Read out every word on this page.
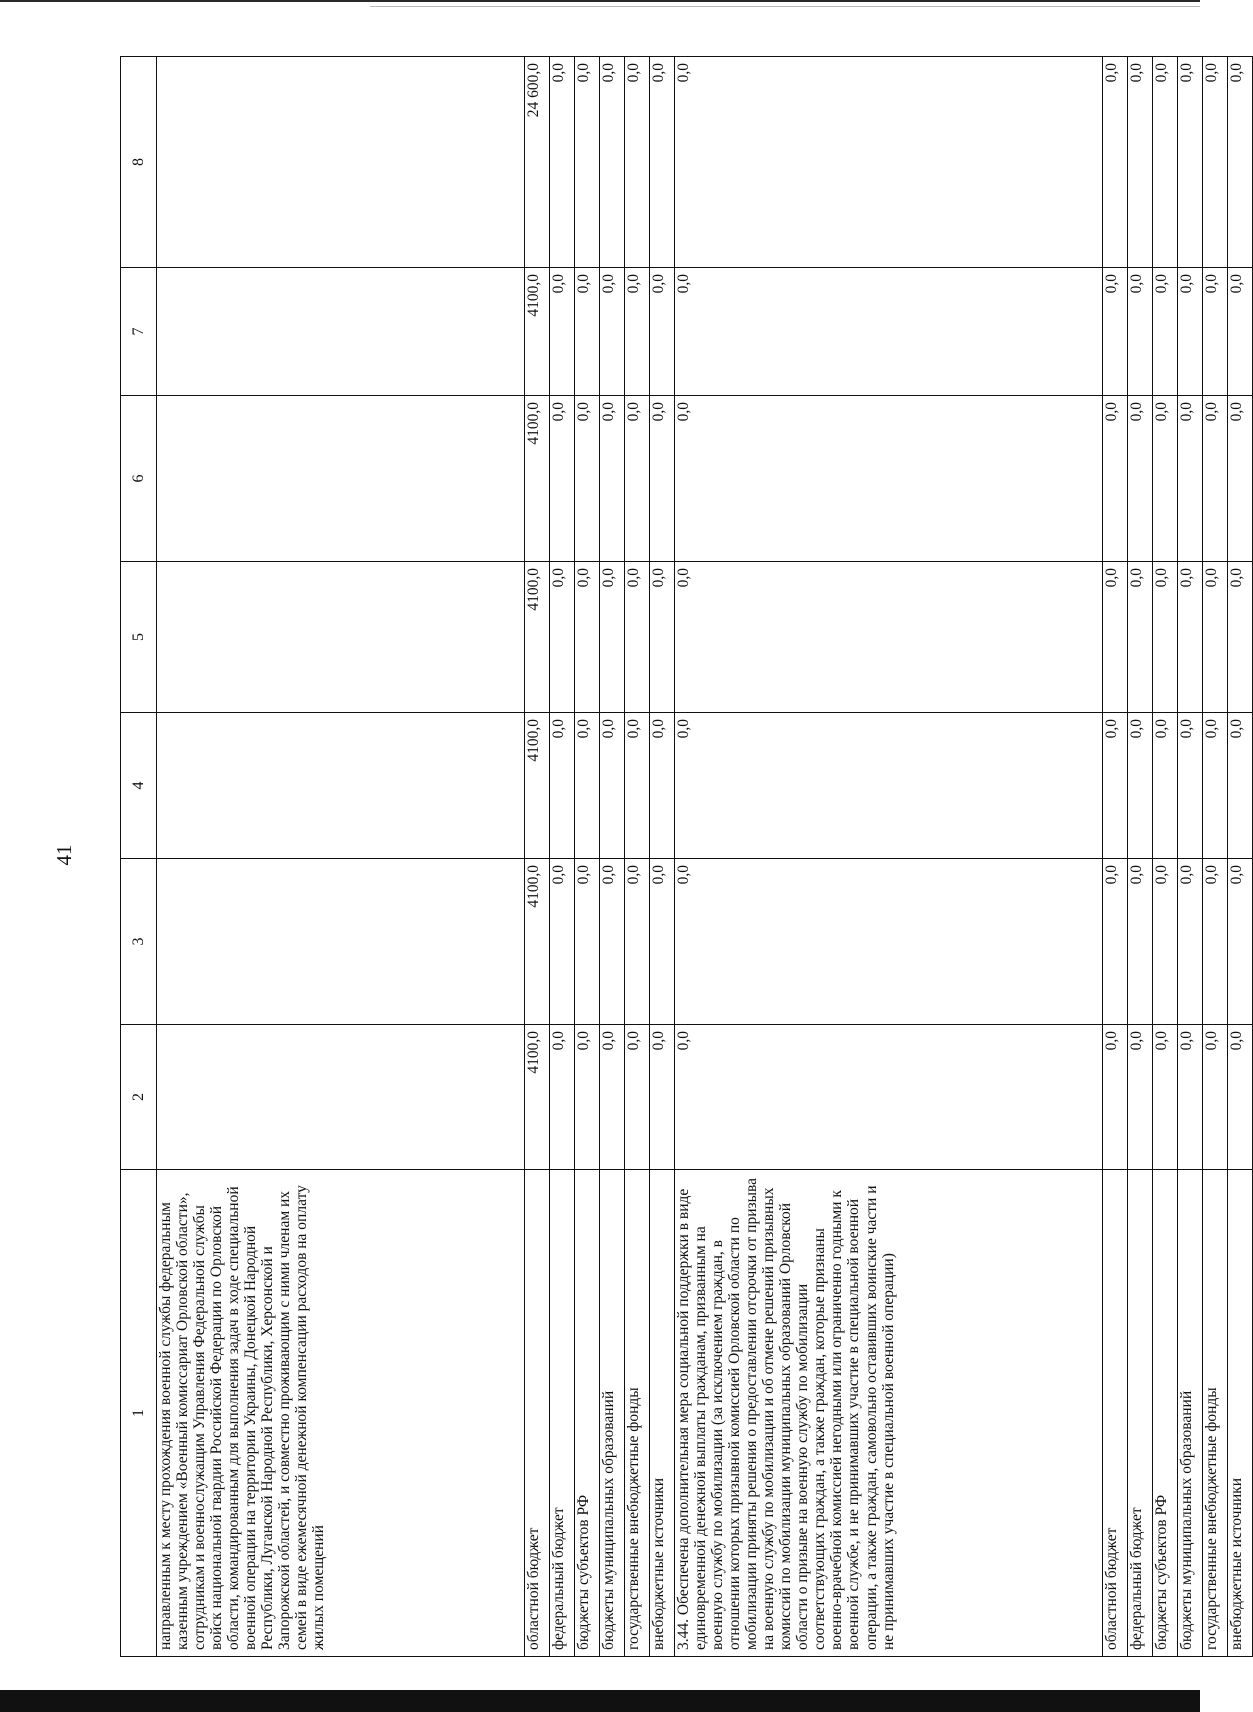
41
1	2	3	4	5	6	7	8
направленным к месту прохождения военной службы федеральным казенным учреждением «Военный комиссариат Орловской области», сотрудникам и военнослужащим Управления Федеральной службы войск национальной гвардии Российской Федерации по Орловской области, командированным для выполнения задач в ходе специальной военной операции на территории Украины, Донецкой Народной Республики, Луганской Народной Республики, Херсонской и Запорожской областей, и совместно проживающим с ними членам их семей в виде ежемесячной денежной компенсации расходов на оплату жилых помещений							
областной бюджет	4100,0	4100,0	4100,0	4100,0	4100,0	4100,0	24 600,0
федеральный бюджет	0,0	0,0	0,0	0,0	0,0	0,0	0,0
бюджеты субъектов РФ	0,0	0,0	0,0	0,0	0,0	0,0	0,0
бюджеты муниципальных образований	0,0	0,0	0,0	0,0	0,0	0,0	0,0
государственные внебюджетные фонды	0,0	0,0	0,0	0,0	0,0	0,0	0,0
внебюджетные источники	0,0	0,0	0,0	0,0	0,0	0,0	0,0
3.44. Обеспечена дополнительная мера социальной поддержки в виде единовременной денежной выплаты гражданам, призванным на военную службу по мобилизации (за исключением граждан, в отношении которых призывной комиссией Орловской области по мобилизации приняты решения о предоставлении отсрочки от призыва на военную службу по мобилизации и об отмене решений призывных комиссий по мобилизации муниципальных образований Орловской области о призыве на военную службу по мобилизации соответствующих граждан, а также граждан, которые признаны военно-врачебной комиссией негодными или ограниченно годными к военной службе, и не принимавших участие в специальной военной операции, а также граждан, самовольно оставивших воинские части и не принимавших участие в специальной военной операции)	0,0	0,0	0,0	0,0	0,0	0,0	0,0
областной бюджет	0,0	0,0	0,0	0,0	0,0	0,0	0,0
федеральный бюджет	0,0	0,0	0,0	0,0	0,0	0,0	0,0
бюджеты субъектов РФ	0,0	0,0	0,0	0,0	0,0	0,0	0,0
бюджеты муниципальных образований	0,0	0,0	0,0	0,0	0,0	0,0	0,0
государственные внебюджетные фонды	0,0	0,0	0,0	0,0	0,0	0,0	0,0
внебюджетные источники	0,0	0,0	0,0	0,0	0,0	0,0	0,0
